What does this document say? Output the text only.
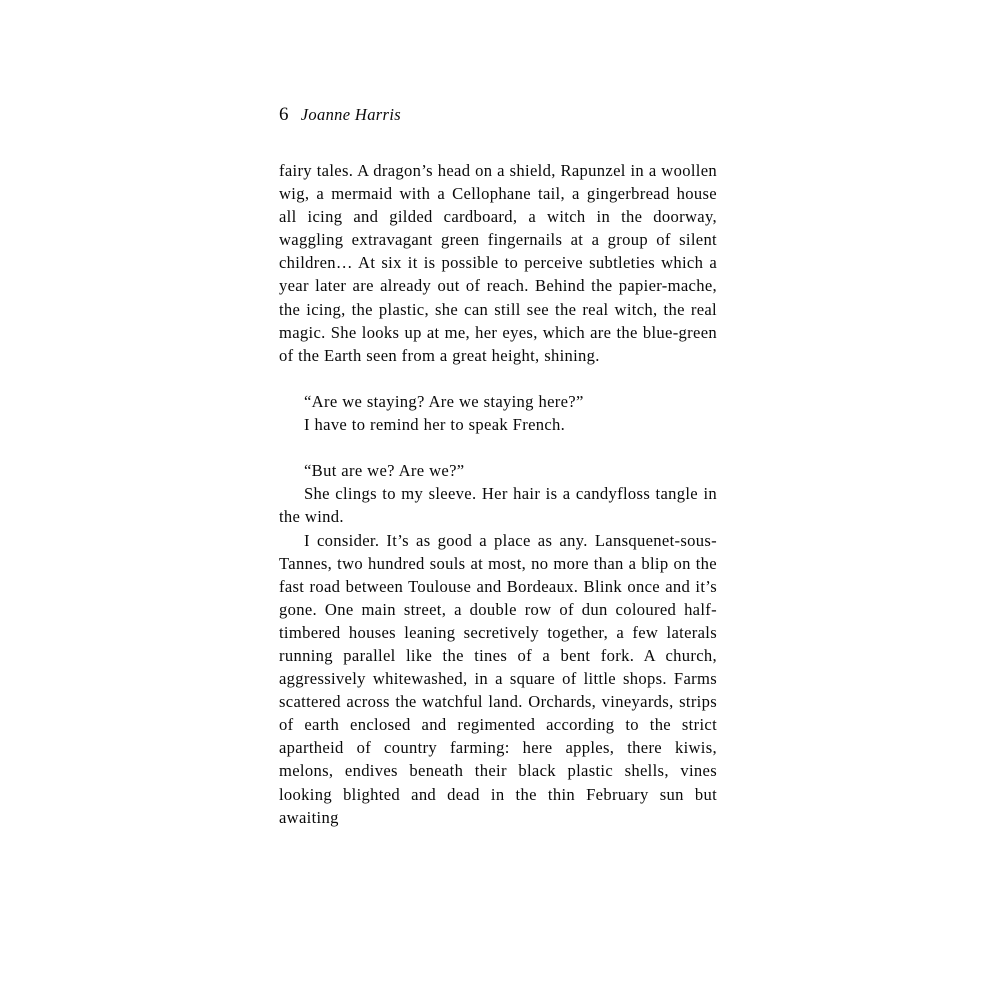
6 Joanne Harris

fairy tales. A dragon’s head on a shield, Rapunzel in a woollen wig, a mermaid with a Cellophane tail, a gingerbread house all icing and gilded cardboard, a witch in the doorway, waggling extravagant green fingernails at a group of silent children… At six it is possible to perceive subtleties which a year later are already out of reach. Behind the papier-mache, the icing, the plastic, she can still see the real witch, the real magic. She looks up at me, her eyes, which are the blue-green of the Earth seen from a great height, shining.

“Are we staying? Are we staying here?”

I have to remind her to speak French.

“But are we? Are we?”

She clings to my sleeve. Her hair is a candyfloss tangle in the wind.

I consider. It’s as good a place as any. Lansquenet-sous-Tannes, two hundred souls at most, no more than a blip on the fast road between Toulouse and Bordeaux. Blink once and it’s gone. One main street, a double row of dun coloured half-timbered houses leaning secretively together, a few laterals running parallel like the tines of a bent fork. A church, aggressively whitewashed, in a square of little shops. Farms scattered across the watchful land. Orchards, vineyards, strips of earth enclosed and regimented according to the strict apartheid of country farming: here apples, there kiwis, melons, endives beneath their black plastic shells, vines looking blighted and dead in the thin February sun but awaiting
